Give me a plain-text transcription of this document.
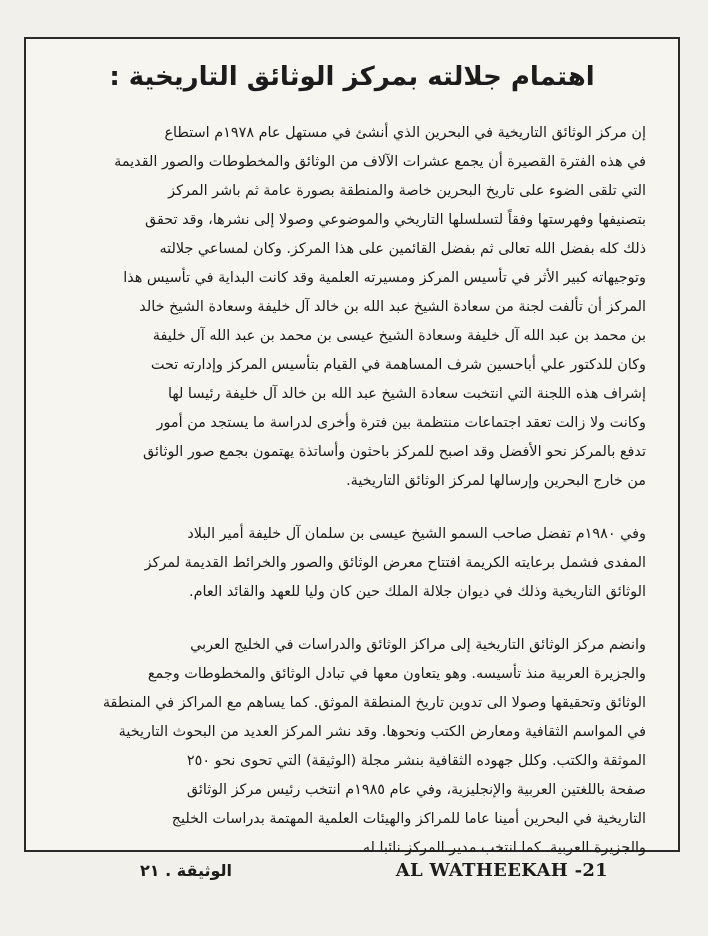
اهتمام جلالته بمركز الوثائق التاريخية :
إن مركز الوثائق التاريخية في البحرين الذي أنشئ في مستهل عام ١٩٧٨م استطاع
في هذه الفترة القصيرة أن يجمع عشرات الآلاف من الوثائق والمخطوطات والصور القديمة
التي تلقى الضوء على تاريخ البحرين خاصة والمنطقة بصورة عامة ثم باشر المركز
بتصنيفها وفهرستها وفقاً لتسلسلها التاريخي والموضوعي وصولا إلى نشرها، وقد تحقق
ذلك كله بفضل الله تعالى ثم بفضل القائمين على هذا المركز. وكان لمساعي جلالته
وتوجيهاته كبير الأثر في تأسيس المركز ومسيرته العلمية وقد كانت البداية في تأسيس هذا
المركز أن تألفت لجنة من سعادة الشيخ عبد الله بن خالد آل خليفة وسعادة الشيخ خالد
بن محمد بن عبد الله آل خليفة وسعادة الشيخ عيسى بن محمد بن عبد الله آل خليفة
وكان للدكتور علي أباحسين شرف المساهمة في القيام بتأسيس المركز وإدارته تحت
إشراف هذه اللجنة التي انتخبت سعادة الشيخ عبد الله بن خالد آل خليفة رئيسا لها
وكانت ولا زالت تعقد اجتماعات منتظمة بين فترة وأخرى لدراسة ما يستجد من أمور
تدفع بالمركز نحو الأفضل وقد اصبح للمركز باحثون وأساتذة يهتمون بجمع صور الوثائق
من خارج البحرين وإرسالها لمركز الوثائق التاريخية.
وفي ١٩٨٠م تفضل صاحب السمو الشيخ عيسى بن سلمان آل خليفة أمير البلاد
المفدى فشمل برعايته الكريمة افتتاح معرض الوثائق والصور والخرائط القديمة لمركز
الوثائق التاريخية وذلك في ديوان جلالة الملك حين كان وليا للعهد والقائد العام.
وانضم مركز الوثائق التاريخية إلى مراكز الوثائق والدراسات في الخليج العربي
والجزيرة العربية منذ تأسيسه. وهو يتعاون معها في تبادل الوثائق والمخطوطات وجمع
الوثائق وتحقيقها وصولا الى تدوين تاريخ المنطقة الموثق. كما يساهم مع المراكز في المنطقة
في المواسم الثقافية ومعارض الكتب ونحوها. وقد نشر المركز العديد من البحوث التاريخية
الموثقة والكتب. وكلل جهوده الثقافية بنشر مجلة (الوثيقة) التي تحوى نحو ٢٥٠
صفحة باللغتين العربية والإنجليزية، وفي عام ١٩٨٥م انتخب رئيس مركز الوثائق
التاريخية في البحرين أمينا عاما للمراكز والهيئات العلمية المهتمة بدراسات الخليج
والجزيرة العربية. كما انتخب مدير المركز نائبا له.
الوثيقة . ٢١	AL WATHEEKAH -21
